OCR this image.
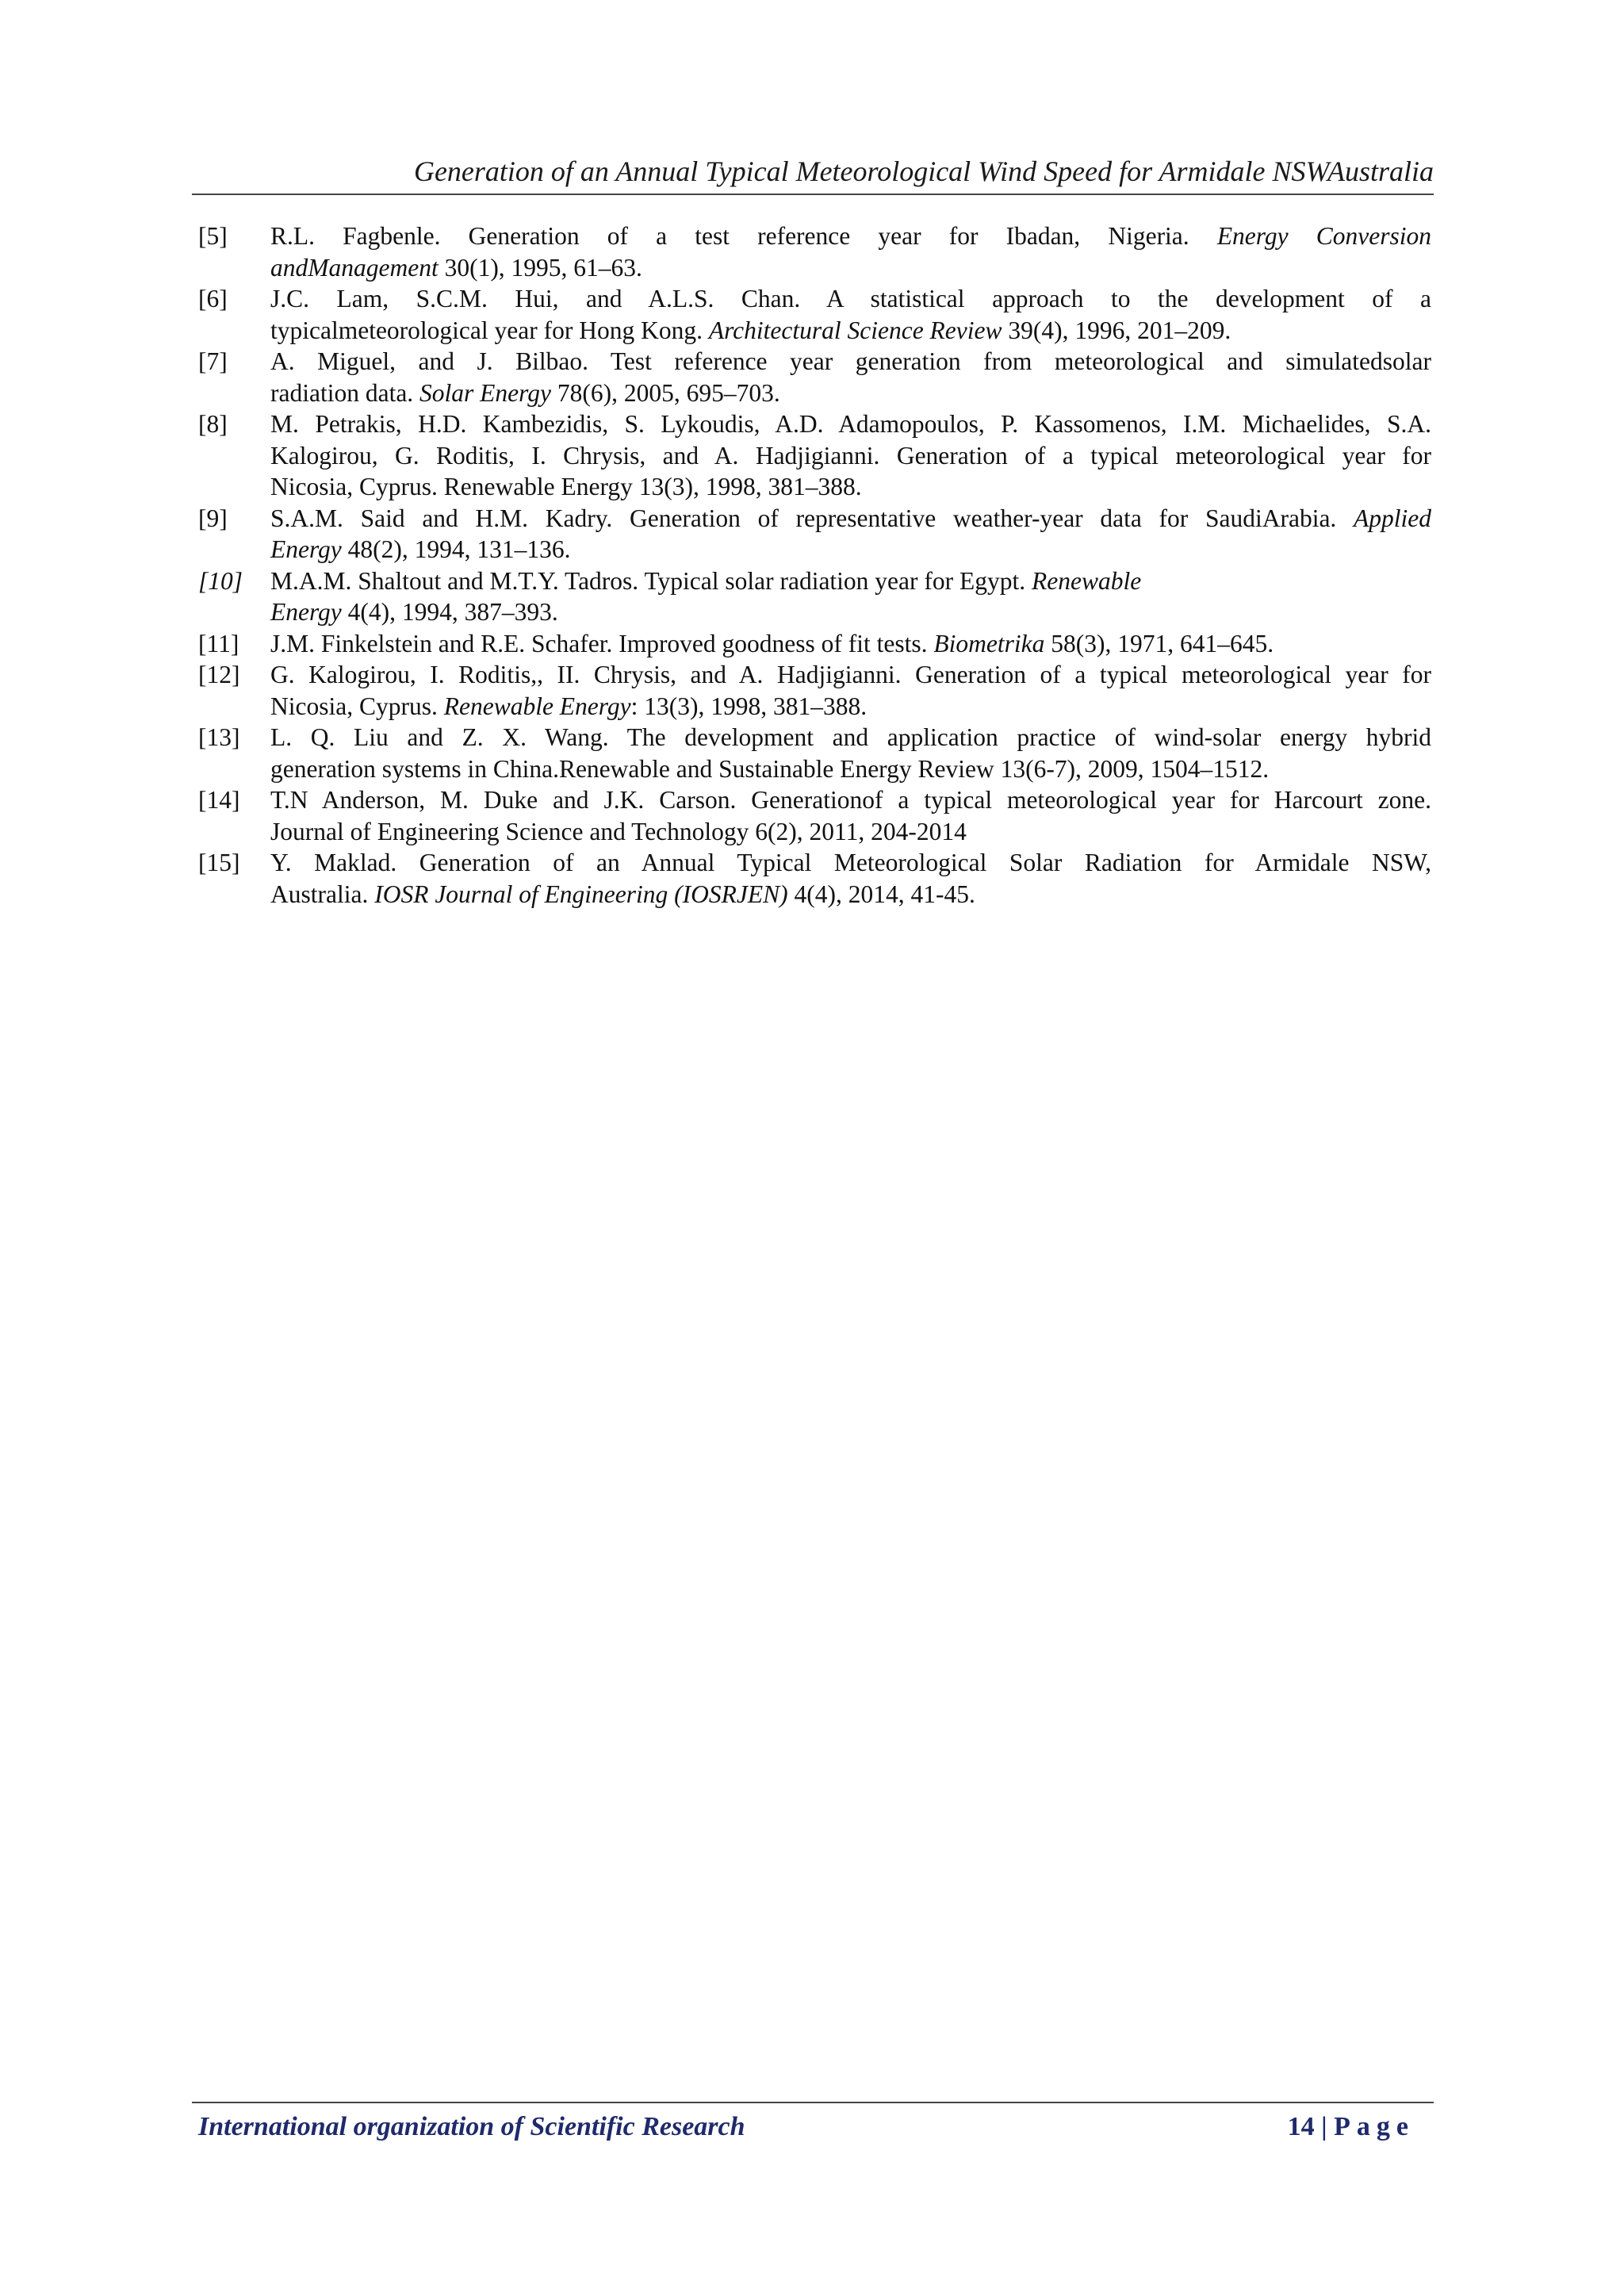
Generation of an Annual Typical Meteorological Wind Speed for Armidale NSWAustralia
[5] R.L. Fagbenle. Generation of a test reference year for Ibadan, Nigeria. Energy Conversion
andManagement 30(1), 1995, 61–63.
[6] J.C. Lam, S.C.M. Hui, and A.L.S. Chan. A statistical approach to the development of a
typicalmeteorological year for Hong Kong. Architectural Science Review 39(4), 1996, 201–209.
[7] A. Miguel, and J. Bilbao. Test reference year generation from meteorological and simulatedsolar
radiation data. Solar Energy 78(6), 2005, 695–703.
[8] M. Petrakis, H.D. Kambezidis, S. Lykoudis, A.D. Adamopoulos, P. Kassomenos, I.M. Michaelides, S.A.
Kalogirou, G. Roditis, I. Chrysis, and A. Hadjigianni. Generation of a typical meteorological year for
Nicosia, Cyprus. Renewable Energy 13(3), 1998, 381–388.
[9] S.A.M. Said and H.M. Kadry. Generation of representative weather-year data for SaudiArabia. Applied
Energy 48(2), 1994, 131–136.
[10] M.A.M. Shaltout and M.T.Y. Tadros. Typical solar radiation year for Egypt. Renewable
Energy 4(4), 1994, 387–393.
[11] J.M. Finkelstein and R.E. Schafer. Improved goodness of fit tests. Biometrika 58(3), 1971, 641–645.
[12] G. Kalogirou, I. Roditis,, II. Chrysis, and A. Hadjigianni. Generation of a typical meteorological year for
Nicosia, Cyprus. Renewable Energy: 13(3), 1998, 381–388.
[13] L. Q. Liu and Z. X. Wang. The development and application practice of wind-solar energy hybrid
generation systems in China.Renewable and Sustainable Energy Review 13(6-7), 2009, 1504–1512.
[14] T.N Anderson, M. Duke and J.K. Carson. Generationof a typical meteorological year for Harcourt zone.
Journal of Engineering Science and Technology 6(2), 2011, 204-2014
[15] Y. Maklad. Generation of an Annual Typical Meteorological Solar Radiation for Armidale NSW,
Australia. IOSR Journal of Engineering (IOSRJEN) 4(4), 2014, 41-45.
International organization of Scientific Research	14 | Page
